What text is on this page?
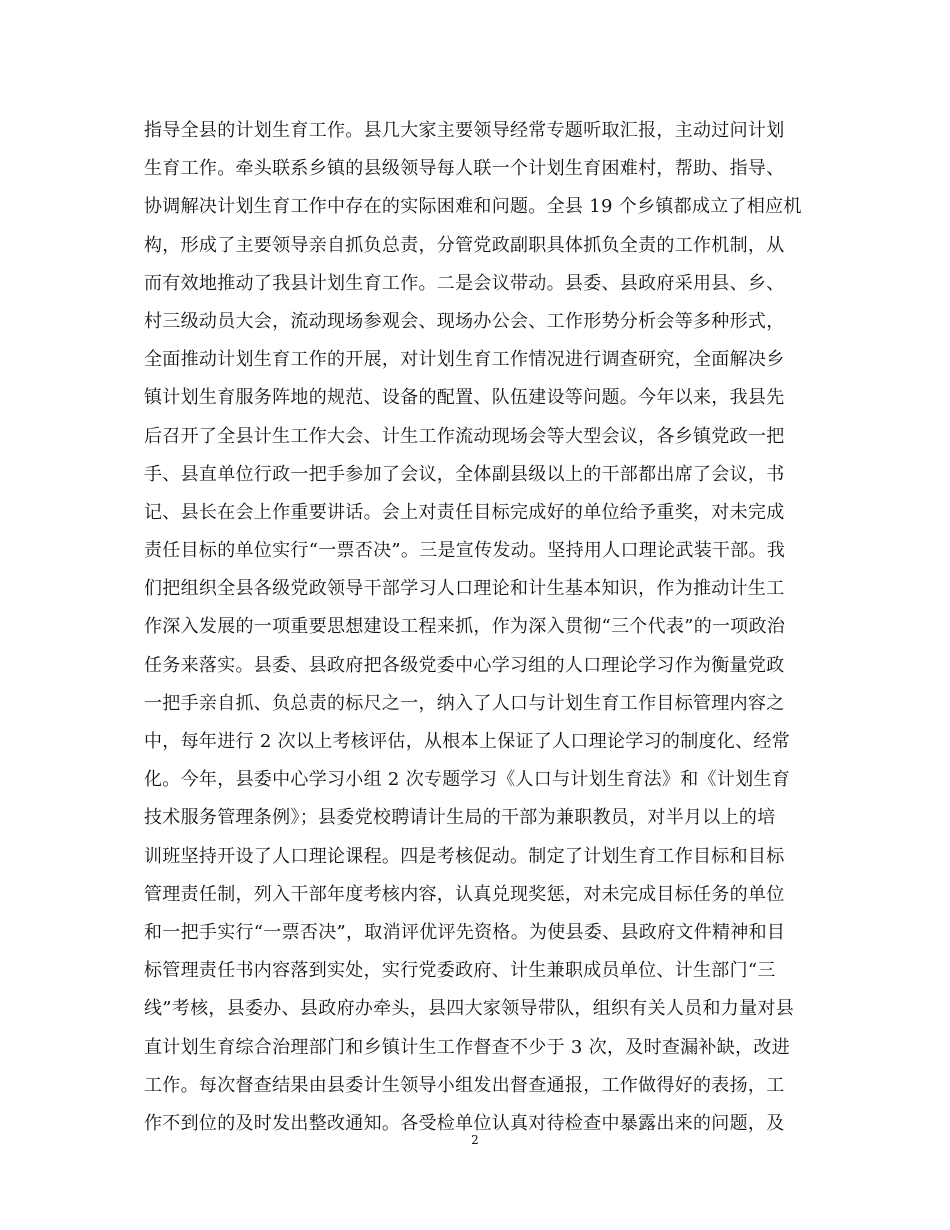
指导全县的计划生育工作。县几大家主要领导经常专题听取汇报，主动过问计划
生育工作。牵头联系乡镇的县级领导每人联一个计划生育困难村，帮助、指导、
协调解决计划生育工作中存在的实际困难和问题。全县 19 个乡镇都成立了相应机
构，形成了主要领导亲自抓负总责，分管党政副职具体抓负全责的工作机制，从
而有效地推动了我县计划生育工作。二是会议带动。县委、县政府采用县、乡、
村三级动员大会，流动现场参观会、现场办公会、工作形势分析会等多种形式，
全面推动计划生育工作的开展，对计划生育工作情况进行调查研究，全面解决乡
镇计划生育服务阵地的规范、设备的配置、队伍建设等问题。今年以来，我县先
后召开了全县计生工作大会、计生工作流动现场会等大型会议，各乡镇党政一把
手、县直单位行政一把手参加了会议，全体副县级以上的干部都出席了会议，书
记、县长在会上作重要讲话。会上对责任目标完成好的单位给予重奖，对未完成
责任目标的单位实行“一票否决”。三是宣传发动。坚持用人口理论武装干部。我
们把组织全县各级党政领导干部学习人口理论和计生基本知识，作为推动计生工
作深入发展的一项重要思想建设工程来抓，作为深入贯彻“三个代表”的一项政治
任务来落实。县委、县政府把各级党委中心学习组的人口理论学习作为衡量党政
一把手亲自抓、负总责的标尺之一，纳入了人口与计划生育工作目标管理内容之
中，每年进行 2 次以上考核评估，从根本上保证了人口理论学习的制度化、经常
化。今年，县委中心学习小组 2 次专题学习《人口与计划生育法》和《计划生育
技术服务管理条例》；县委党校聘请计生局的干部为兼职教员，对半月以上的培
训班坚持开设了人口理论课程。四是考核促动。制定了计划生育工作目标和目标
管理责任制，列入干部年度考核内容，认真兑现奖惩，对未完成目标任务的单位
和一把手实行“一票否决”，取消评优评先资格。为使县委、县政府文件精神和目
标管理责任书内容落到实处，实行党委政府、计生兼职成员单位、计生部门“三
线”考核，县委办、县政府办牵头，县四大家领导带队，组织有关人员和力量对县
直计划生育综合治理部门和乡镇计生工作督查不少于 3 次，及时查漏补缺，改进
工作。每次督查结果由县委计生领导小组发出督查通报，工作做得好的表扬，工
作不到位的及时发出整改通知。各受检单位认真对待检查中暴露出来的问题，及
2
